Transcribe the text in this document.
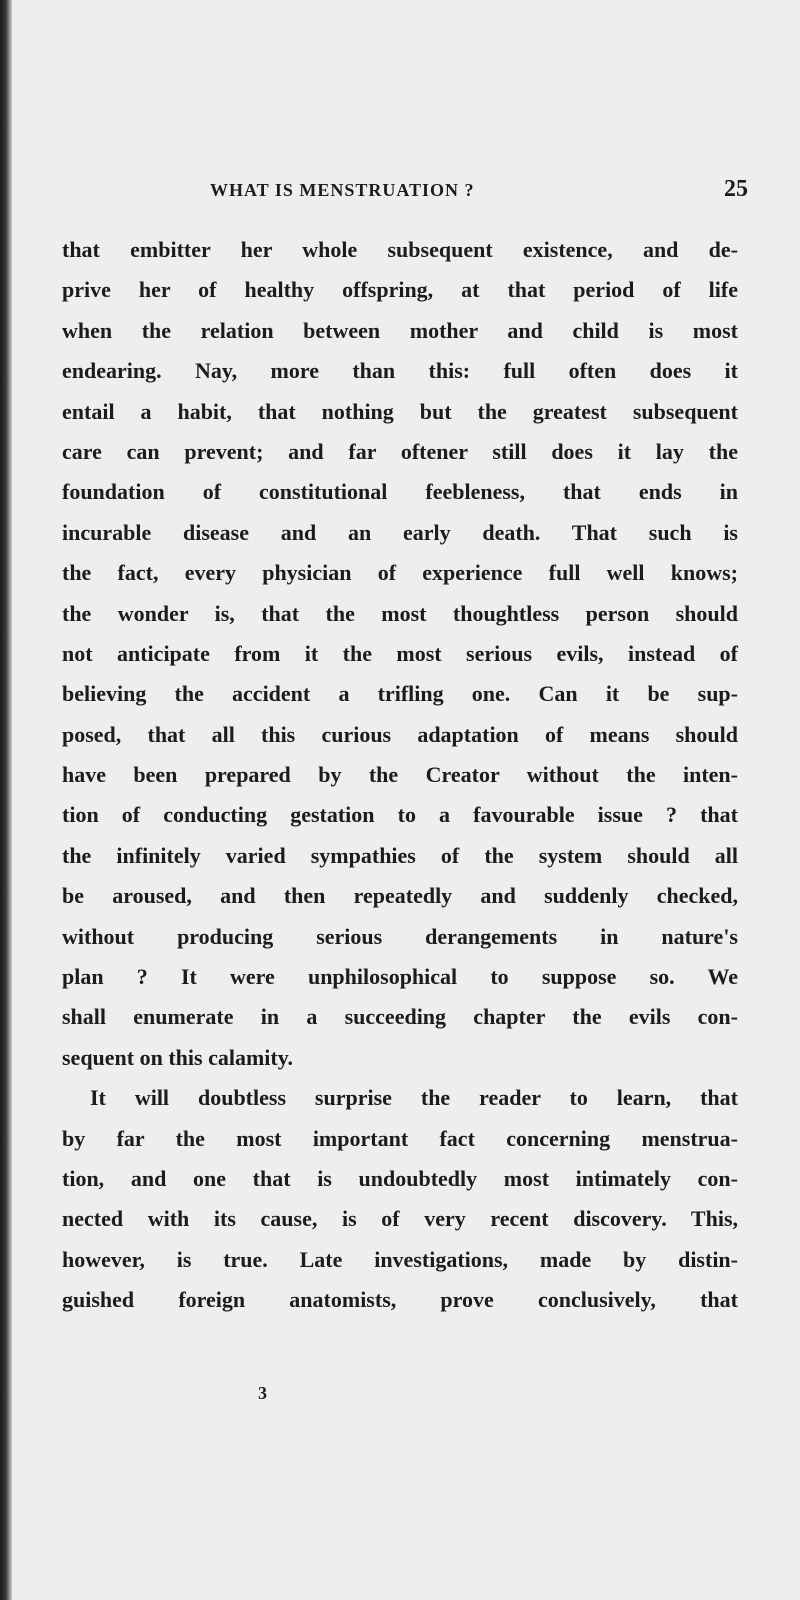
WHAT IS MENSTRUATION ?	25
that embitter her whole subsequent existence, and de-
prive her of healthy offspring, at that period of life
when the relation between mother and child is most
endearing. Nay, more than this: full often does it
entail a habit, that nothing but the greatest subsequent
care can prevent; and far oftener still does it lay the
foundation of constitutional feebleness, that ends in
incurable disease and an early death. That such is
the fact, every physician of experience full well knows;
the wonder is, that the most thoughtless person should
not anticipate from it the most serious evils, instead of
believing the accident a trifling one. Can it be sup-
posed, that all this curious adaptation of means should
have been prepared by the Creator without the inten-
tion of conducting gestation to a favourable issue ? that
the infinitely varied sympathies of the system should all
be aroused, and then repeatedly and suddenly checked,
without producing serious derangements in nature's
plan ? It were unphilosophical to suppose so. We
shall enumerate in a succeeding chapter the evils con-
sequent on this calamity.
It will doubtless surprise the reader to learn, that
by far the most important fact concerning menstrua-
tion, and one that is undoubtedly most intimately con-
nected with its cause, is of very recent discovery. This,
however, is true. Late investigations, made by distin-
guished foreign anatomists, prove conclusively, that
3
